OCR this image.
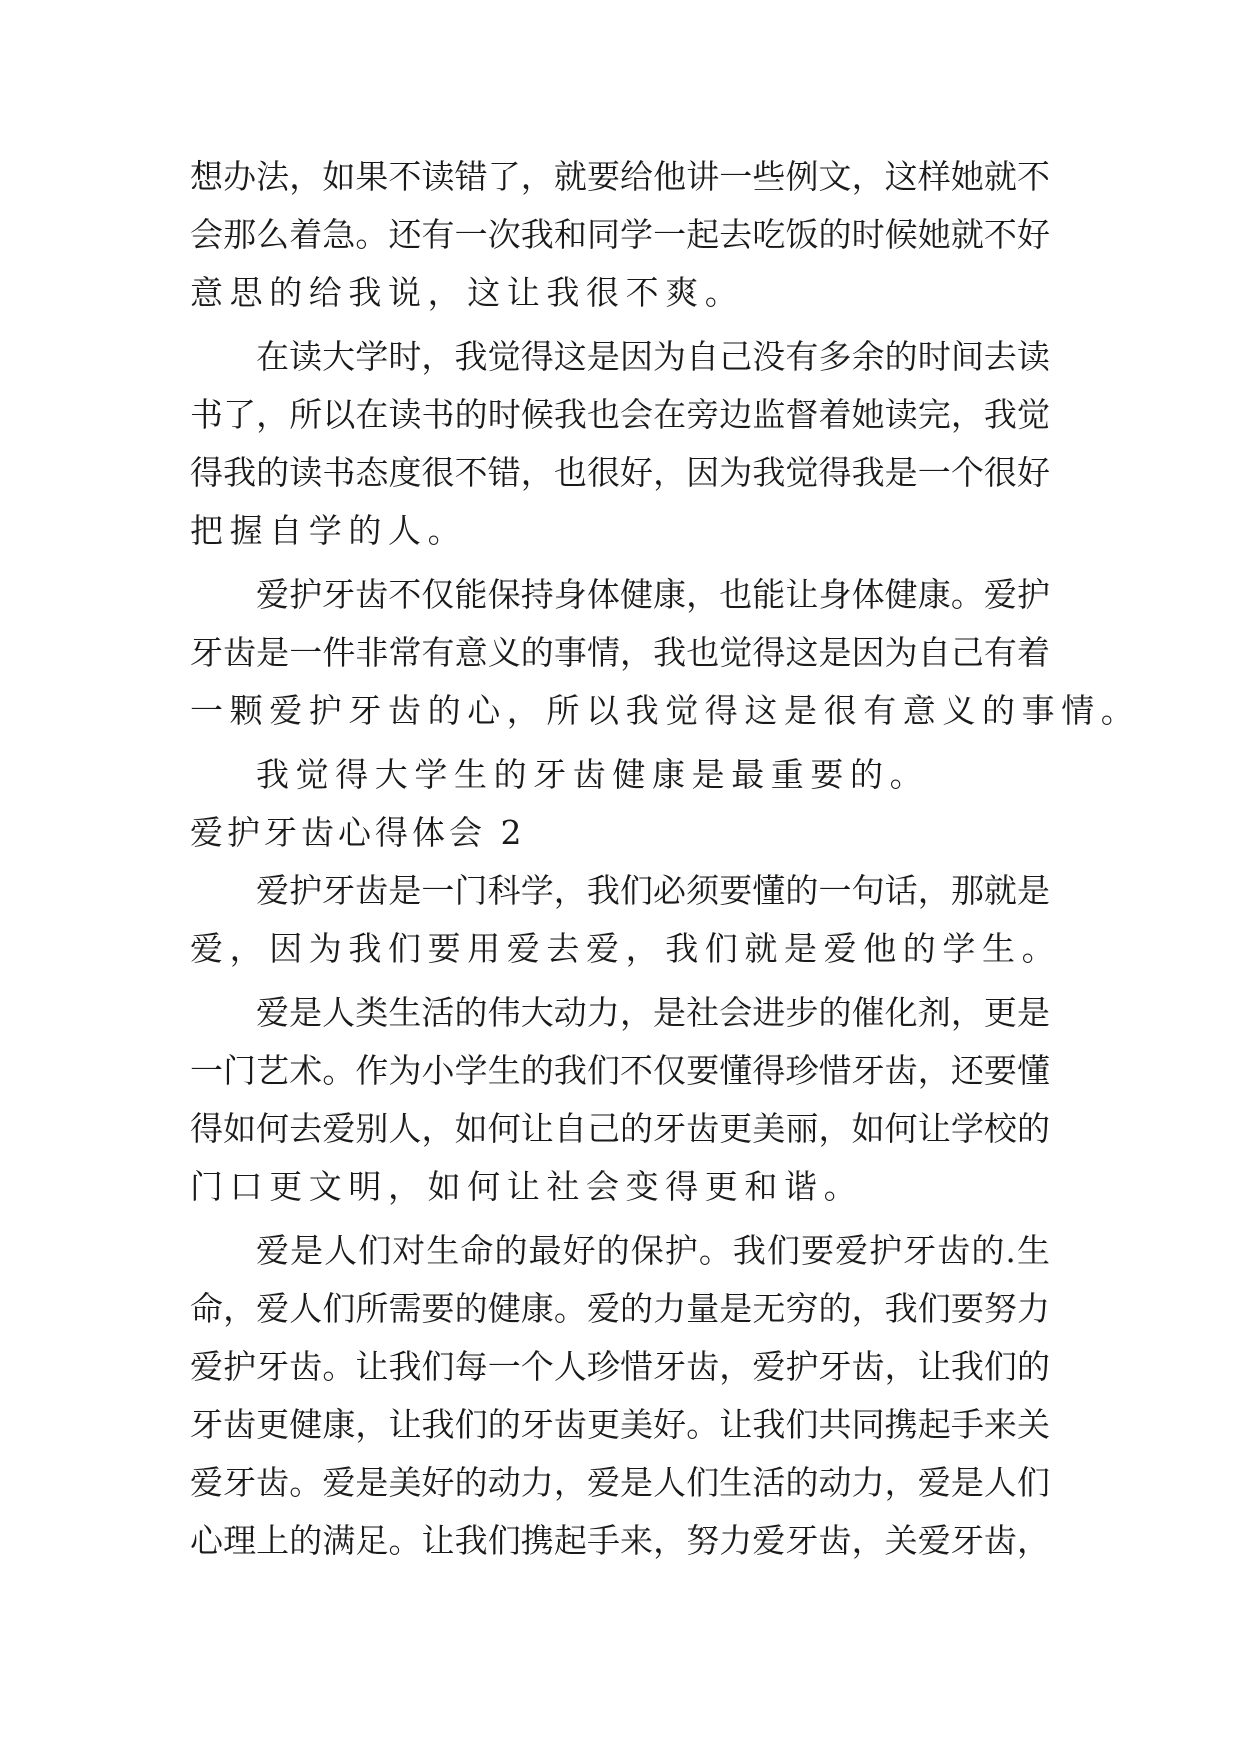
想办法，如果不读错了，就要给他讲一些例文，这样她就不
会那么着急。还有一次我和同学一起去吃饭的时候她就不好
意思的给我说，这让我很不爽。
在读大学时，我觉得这是因为自己没有多余的时间去读
书了，所以在读书的时候我也会在旁边监督着她读完，我觉
得我的读书态度很不错，也很好，因为我觉得我是一个很好
把握自学的人。
爱护牙齿不仅能保持身体健康，也能让身体健康。爱护
牙齿是一件非常有意义的事情，我也觉得这是因为自己有着
一颗爱护牙齿的心，所以我觉得这是很有意义的事情。
我觉得大学生的牙齿健康是最重要的。
爱护牙齿心得体会 2
爱护牙齿是一门科学，我们必须要懂的一句话，那就是
爱，因为我们要用爱去爱，我们就是爱他的学生。
爱是人类生活的伟大动力，是社会进步的催化剂，更是
一门艺术。作为小学生的我们不仅要懂得珍惜牙齿，还要懂
得如何去爱别人，如何让自己的牙齿更美丽，如何让学校的
门口更文明，如何让社会变得更和谐。
爱是人们对生命的最好的保护。我们要爱护牙齿的.生
命，爱人们所需要的健康。爱的力量是无穷的，我们要努力
爱护牙齿。让我们每一个人珍惜牙齿，爱护牙齿，让我们的
牙齿更健康，让我们的牙齿更美好。让我们共同携起手来关
爱牙齿。爱是美好的动力，爱是人们生活的动力，爱是人们
心理上的满足。让我们携起手来，努力爱牙齿，关爱牙齿，
